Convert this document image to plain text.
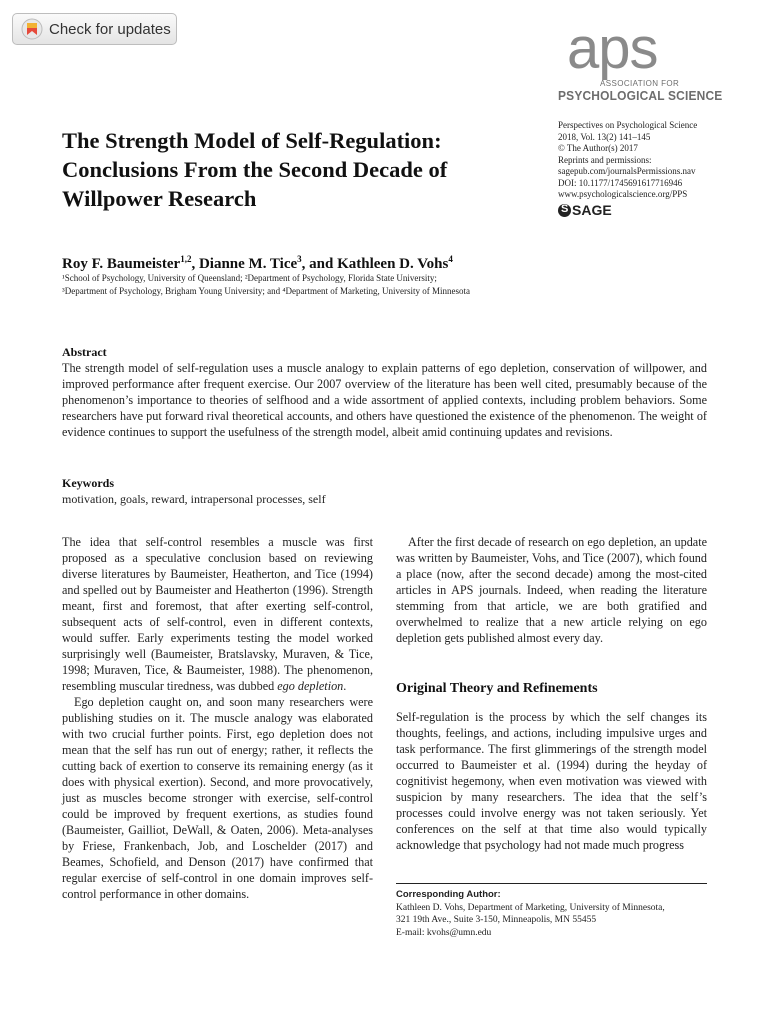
Check for updates	aps
ASSOCIATION FOR
PSYCHOLOGICAL SCIENCE
The Strength Model of Self-Regulation: Conclusions From the Second Decade of Willpower Research
Perspectives on Psychological Science
2018, Vol. 13(2) 141–145
© The Author(s) 2017
Reprints and permissions:
sagepub.com/journalsPermissions.nav
DOI: 10.1177/1745691617716946
www.psychologicalscience.org/PPS
S
SAGE
Roy F. Baumeister$^{1,2}$, Dianne M. Tice$^3$, and Kathleen D. Vohs$^4$
¹School of Psychology, University of Queensland; ²Department of Psychology, Florida State University;
³Department of Psychology, Brigham Young University; and ⁴Department of Marketing, University of Minnesota
Abstract
The strength model of self-regulation uses a muscle analogy to explain patterns of ego depletion, conservation of willpower, and improved performance after frequent exercise. Our 2007 overview of the literature has been well cited, presumably because of the phenomenon’s importance to theories of selfhood and a wide assortment of applied contexts, including problem behaviors. Some researchers have put forward rival theoretical accounts, and others have questioned the existence of the phenomenon. The weight of evidence continues to support the usefulness of the strength model, albeit amid continuing updates and revisions.
Keywords
motivation, goals, reward, intrapersonal processes, self

The idea that self-control resembles a muscle was first proposed as a speculative conclusion based on reviewing diverse literatures by Baumeister, Heatherton, and Tice (1994) and spelled out by Baumeister and Heatherton (1996). Strength meant, first and foremost, that after exerting self-control, subsequent acts of self-control, even in different contexts, would suffer. Early experiments testing the model worked surprisingly well (Baumeister, Bratslavsky, Muraven, & Tice, 1998; Muraven, Tice, & Baumeister, 1988). The phenomenon, resembling muscular tiredness, was dubbed ego depletion.

Ego depletion caught on, and soon many researchers were publishing studies on it. The muscle analogy was elaborated with two crucial further points. First, ego depletion does not mean that the self has run out of energy; rather, it reflects the cutting back of exertion to conserve its remaining energy (as it does with physical exertion). Second, and more provocatively, just as muscles become stronger with exercise, self-control could be improved by frequent exertions, as studies found (Baumeister, Gailliot, DeWall, & Oaten, 2006). Meta-analyses by Friese, Frankenbach, Job, and Loschelder (2017) and Beames, Schofield, and Denson (2017) have confirmed that regular exercise of self-control in one domain improves self-control performance in other domains.

After the first decade of research on ego depletion, an update was written by Baumeister, Vohs, and Tice (2007), which found a place (now, after the second decade) among the most-cited articles in APS journals. Indeed, when reading the literature stemming from that article, we are both gratified and overwhelmed to realize that a new article relying on ego depletion gets published almost every day.

Original Theory and Refinements

Self-regulation is the process by which the self changes its thoughts, feelings, and actions, including impulsive urges and task performance. The first glimmerings of the strength model occurred to Baumeister et al. (1994) during the heyday of cognitivist hegemony, when even motivation was viewed with suspicion by many researchers. The idea that the self’s processes could involve energy was not taken seriously. Yet conferences on the self at that time also would typically acknowledge that psychology had not made much progress

Corresponding Author:
Kathleen D. Vohs, Department of Marketing, University of Minnesota,
321 19th Ave., Suite 3-150, Minneapolis, MN 55455
E-mail: kvohs@umn.edu
